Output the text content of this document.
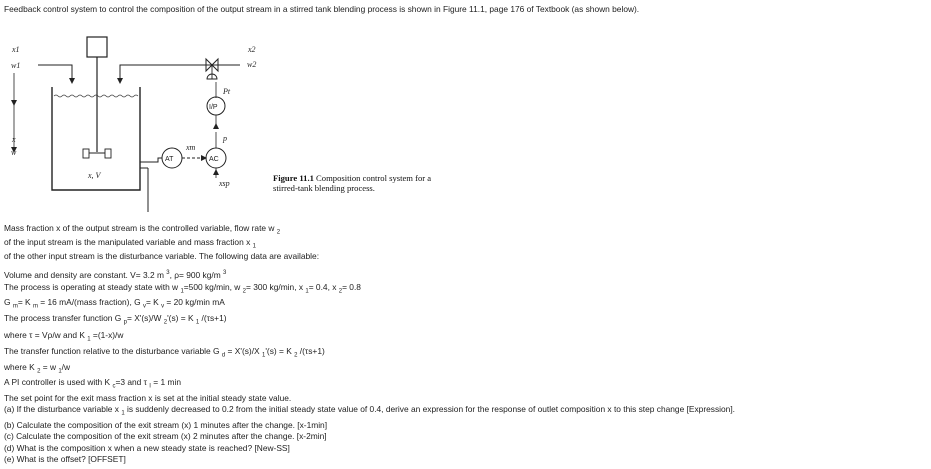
Feedback control system to control the composition of the output stream in a stirred tank blending process is shown in Figure 11.1, page 176 of Textbook (as shown below).
x1
w1
x2
w2
x
w
x, V
I/P
Pt
p
AT	AC
xm
xsp
Figure 11.1 Composition control system for a
stirred-tank blending process.
Mass fraction x of the output stream is the controlled variable, flow rate w $_2$
of the input stream is the manipulated variable and mass fraction x $_1$
of the other input stream is the disturbance variable. The following data are available:
Volume and density are constant. V= 3.2 m $^3$, ρ= 900 kg/m $^3$
The process is operating at steady state with w $_1$=500 kg/min, w $_2$= 300 kg/min, x $_1$= 0.4, x $_2$= 0.8
G $_m$= K $_m$ = 16 mA/(mass fraction), G $_v$= K $_v$ = 20 kg/min mA
The process transfer function G $_p$= X'(s)/W $_2$'(s) = K $_1$ /(τs+1)
where τ = Vρ/w and K $_1$ =(1-x)/w
The transfer function relative to the disturbance variable G $_d$ = X'(s)/X $_1$'(s) = K $_2$ /(τs+1)
where K $_2$ = w $_1$/w
A PI controller is used with K $_c$=3 and τ $_I$ = 1 min
The set point for the exit mass fraction x is set at the initial steady state value.
(a) If the disturbance variable x $_1$ is suddenly decreased to 0.2 from the initial steady state value of 0.4, derive an expression for the response of outlet composition x to this step change [Expression].
(b) Calculate the composition of the exit stream (x) 1 minutes after the change. [x-1min]
(c) Calculate the composition of the exit stream (x) 2 minutes after the change. [x-2min]
(d) What is the composition x when a new steady state is reached? [New-SS]
(e) What is the offset? [OFFSET]
